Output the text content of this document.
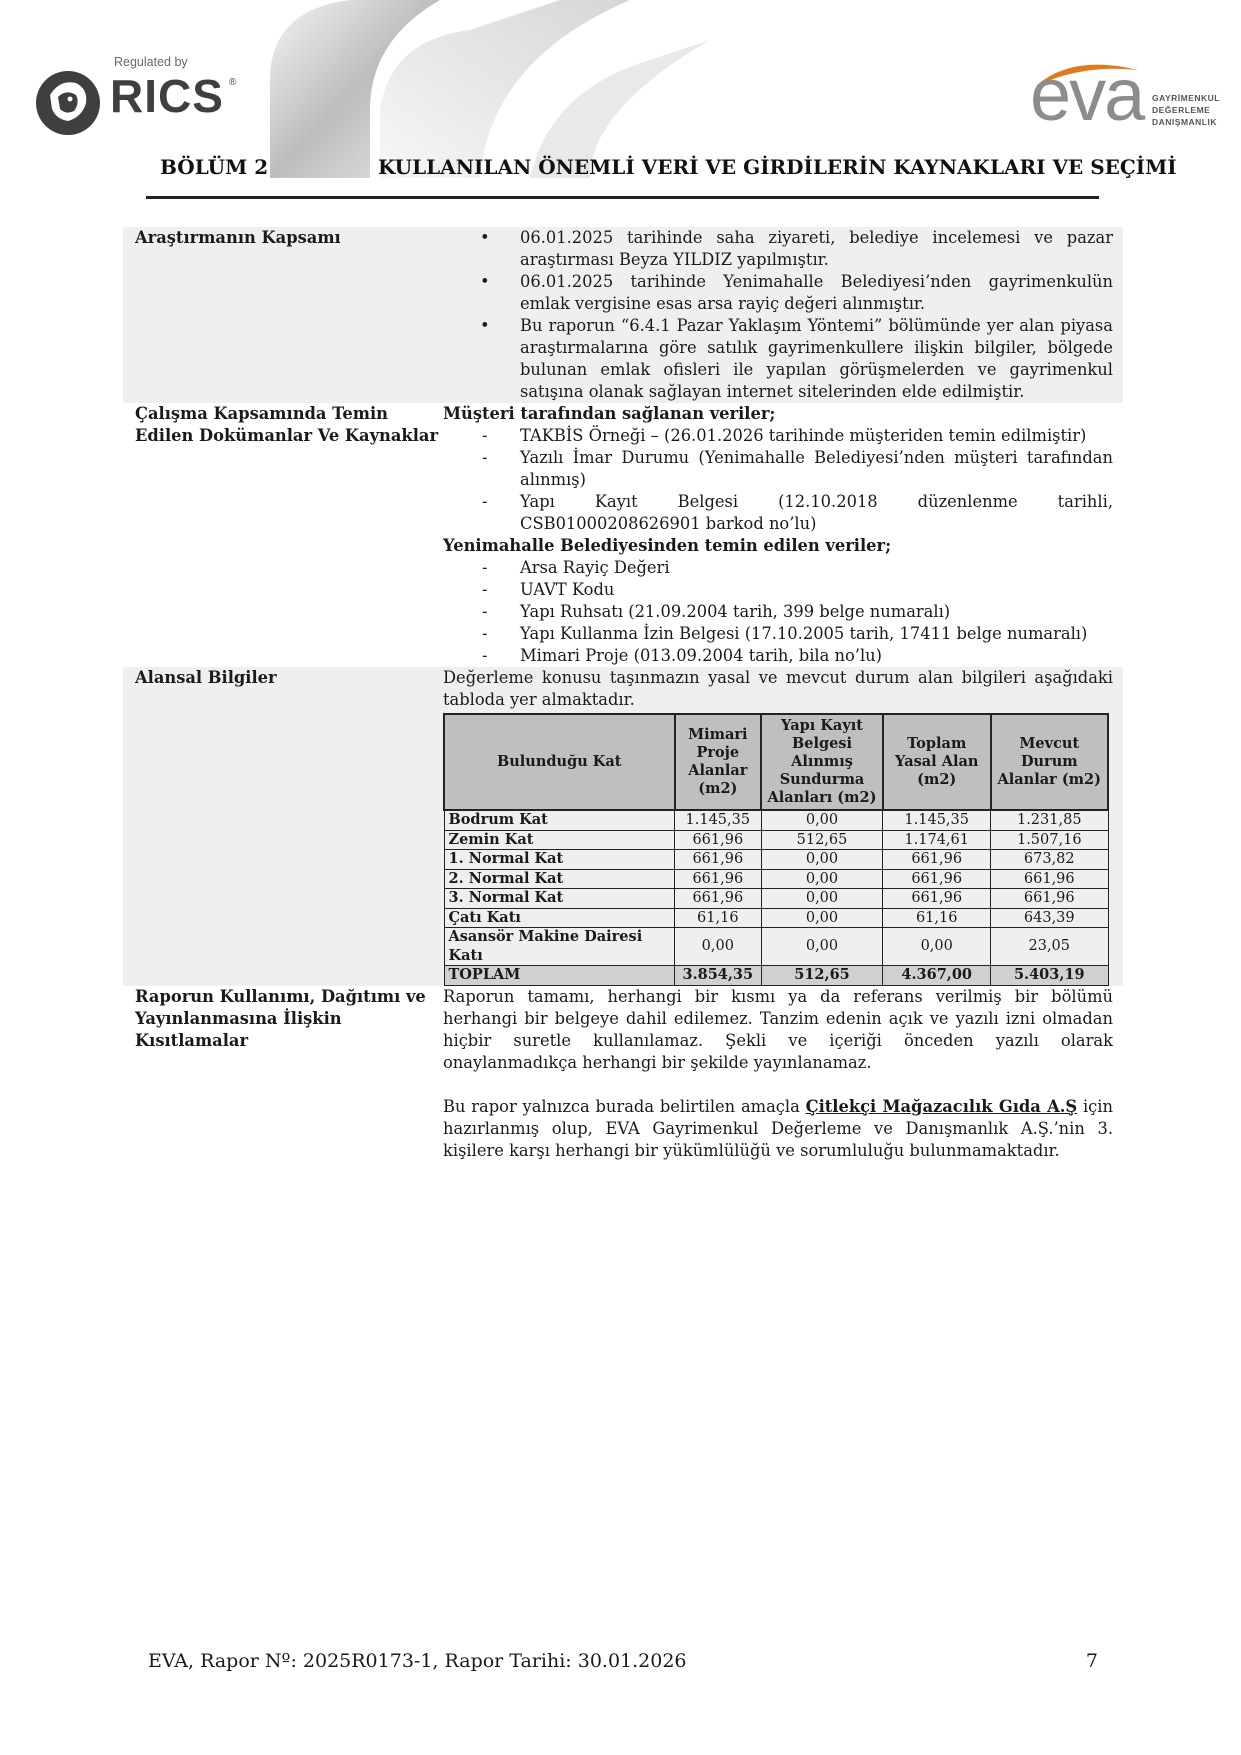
Regulated by
RICS ®	eva GAYRİMENKUL
DEĞERLEME
DANIŞMANLIK
BÖLÜM 2	KULLANILAN ÖNEMLİ VERİ VE GİRDİLERİN KAYNAKLARI VE SEÇİMİ
Araştırmanın Kapsamı	• 06.01.2025 tarihinde saha ziyareti, belediye incelemesi ve pazar araştırması Beyza YILDIZ yapılmıştır.
• 06.01.2025 tarihinde Yenimahalle Belediyesi’nden gayrimenkulün emlak vergisine esas arsa rayiç değeri alınmıştır.
• Bu raporun “6.4.1 Pazar Yaklaşım Yöntemi” bölümünde yer alan piyasa araştırmalarına göre satılık gayrimenkullere ilişkin bilgiler, bölgede bulunan emlak ofisleri ile yapılan görüşmelerden ve gayrimenkul satışına olanak sağlayan internet sitelerinden elde edilmiştir.
Çalışma Kapsamında Temin Edilen Dokümanlar Ve Kaynaklar
Müşteri tarafından sağlanan veriler;
- TAKBİS Örneği – (26.01.2026 tarihinde müşteriden temin edilmiştir)
- Yazılı İmar Durumu (Yenimahalle Belediyesi’nden müşteri tarafından alınmış)
- Yapı Kayıt Belgesi (12.10.2018 düzenlenme tarihli, CSB01000208626901 barkod no’lu)
Yenimahalle Belediyesinden temin edilen veriler;
- Arsa Rayiç Değeri
- UAVT Kodu
- Yapı Ruhsatı (21.09.2004 tarih, 399 belge numaralı)
- Yapı Kullanma İzin Belgesi (17.10.2005 tarih, 17411 belge numaralı)
- Mimari Proje (013.09.2004 tarih, bila no’lu)
Alansal Bilgiler	Değerleme konusu taşınmazın yasal ve mevcut durum alan bilgileri aşağıdaki tabloda yer almaktadır.
Bulunduğu Kat	Mimari Proje Alanlar (m2)	Yapı Kayıt Belgesi Alınmış Sundurma Alanları (m2)	Toplam Yasal Alan (m2)	Mevcut Durum Alanlar (m2)
Bodrum Kat	1.145,35	0,00	1.145,35	1.231,85
Zemin Kat	661,96	512,65	1.174,61	1.507,16
1. Normal Kat	661,96	0,00	661,96	673,82
2. Normal Kat	661,96	0,00	661,96	661,96
3. Normal Kat	661,96	0,00	661,96	661,96
Çatı Katı	61,16	0,00	61,16	643,39
Asansör Makine Dairesi Katı	0,00	0,00	0,00	23,05
TOPLAM	3.854,35	512,65	4.367,00	5.403,19
Raporun Kullanımı, Dağıtımı ve Yayınlanmasına İlişkin Kısıtlamalar
Raporun tamamı, herhangi bir kısmı ya da referans verilmiş bir bölümü herhangi bir belgeye dahil edilemez. Tanzim edenin açık ve yazılı izni olmadan hiçbir suretle kullanılamaz. Şekli ve içeriği önceden yazılı olarak onaylanmadıkça herhangi bir şekilde yayınlanamaz.
Bu rapor yalnızca burada belirtilen amaçla Çitlekçi Mağazacılık Gıda A.Ş için hazırlanmış olup, EVA Gayrimenkul Değerleme ve Danışmanlık A.Ş.’nin 3. kişilere karşı herhangi bir yükümlülüğü ve sorumluluğu bulunmamaktadır.
EVA, Rapor Nº: 2025R0173-1, Rapor Tarihi: 30.01.2026	7
